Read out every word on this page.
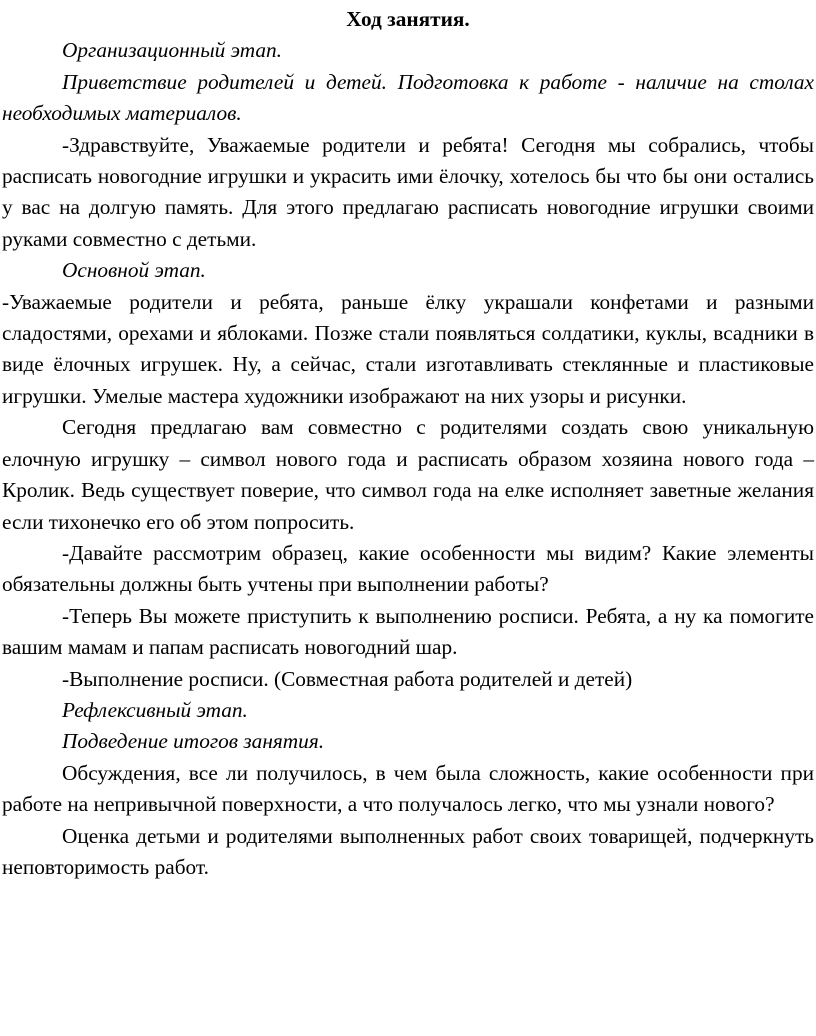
Ход занятия.

Организационный этап.

Приветствие родителей и детей. Подготовка к работе - наличие на столах необходимых материалов.

-Здравствуйте, Уважаемые родители и ребята! Сегодня мы собрались, чтобы расписать новогодние игрушки и украсить ими ёлочку, хотелось бы что бы они остались у вас на долгую память. Для этого предлагаю расписать новогодние игрушки своими руками совместно с детьми.

Основной этап.

-Уважаемые родители и ребята, раньше ёлку украшали конфетами и разными сладостями, орехами и яблоками. Позже стали появляться солдатики, куклы, всадники в виде ёлочных игрушек. Ну, а сейчас, стали изготавливать стеклянные и пластиковые игрушки. Умелые мастера художники изображают на них узоры и рисунки.

Сегодня предлагаю вам совместно с родителями создать свою уникальную елочную игрушку – символ нового года и расписать образом хозяина нового года – Кролик. Ведь существует поверие, что символ года на елке исполняет заветные желания если тихонечко его об этом попросить.

-Давайте рассмотрим образец, какие особенности мы видим? Какие элементы обязательны должны быть учтены при выполнении работы?

-Теперь Вы можете приступить к выполнению росписи. Ребята, а ну ка помогите вашим мамам и папам расписать новогодний шар.

-Выполнение росписи. (Совместная работа родителей и детей)

Рефлексивный этап.

Подведение итогов занятия.

Обсуждения, все ли получилось, в чем была сложность, какие особенности при работе на непривычной поверхности, а что получалось легко, что мы узнали нового?

Оценка детьми и родителями выполненных работ своих товарищей, подчеркнуть неповторимость работ.
